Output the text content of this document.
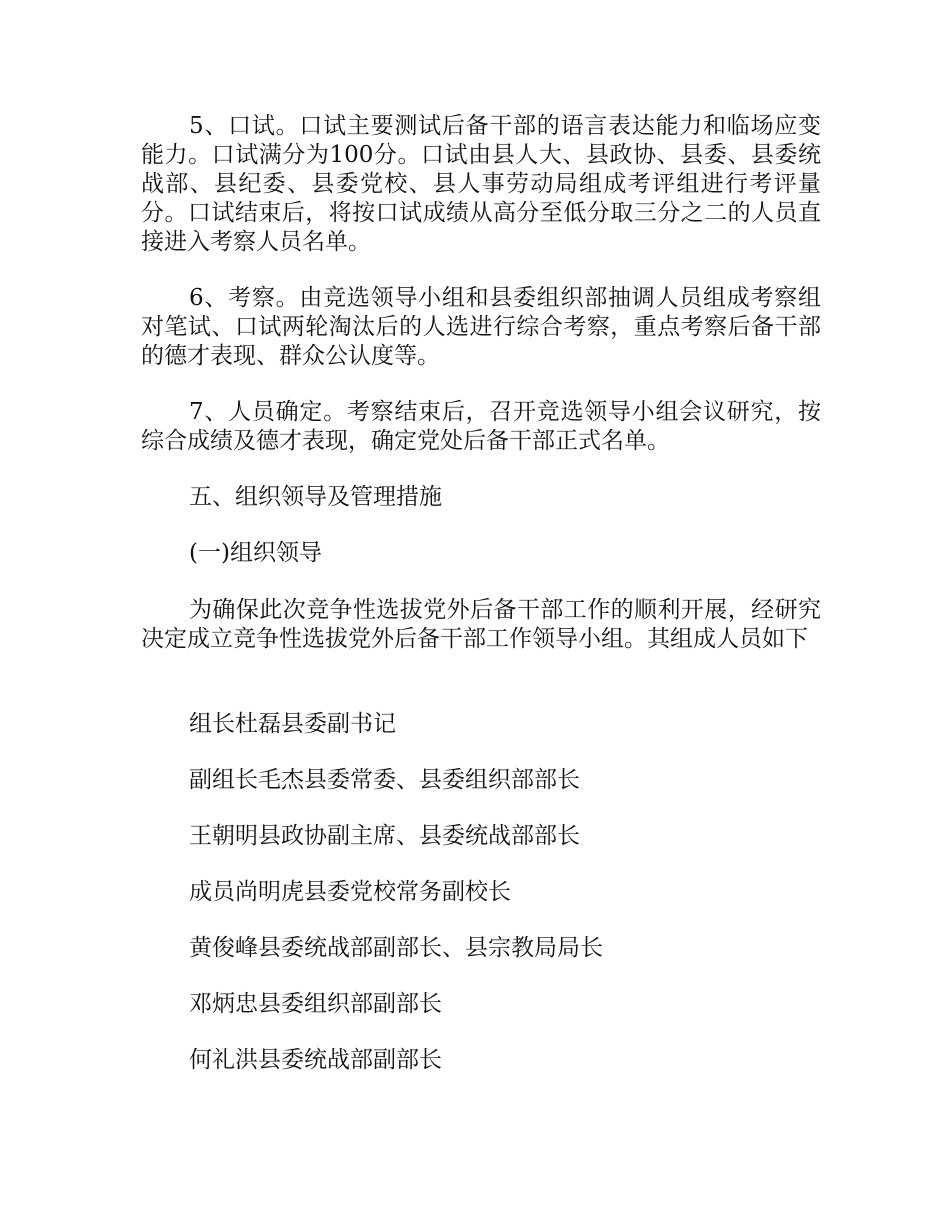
5、口试。口试主要测试后备干部的语言表达能力和临场应变能力。口试满分为100分。口试由县人大、县政协、县委、县委统战部、县纪委、县委党校、县人事劳动局组成考评组进行考评量分。口试结束后，将按口试成绩从高分至低分取三分之二的人员直接进入考察人员名单。

6、考察。由竞选领导小组和县委组织部抽调人员组成考察组对笔试、口试两轮淘汰后的人选进行综合考察，重点考察后备干部的德才表现、群众公认度等。

7、人员确定。考察结束后，召开竞选领导小组会议研究，按综合成绩及德才表现，确定党处后备干部正式名单。

五、组织领导及管理措施

(一)组织领导

为确保此次竞争性选拔党外后备干部工作的顺利开展，经研究决定成立竞争性选拔党外后备干部工作领导小组。其组成人员如下

组长杜磊县委副书记

副组长毛杰县委常委、县委组织部部长

王朝明县政协副主席、县委统战部部长

成员尚明虎县委党校常务副校长

黄俊峰县委统战部副部长、县宗教局局长

邓炳忠县委组织部副部长

何礼洪县委统战部副部长
